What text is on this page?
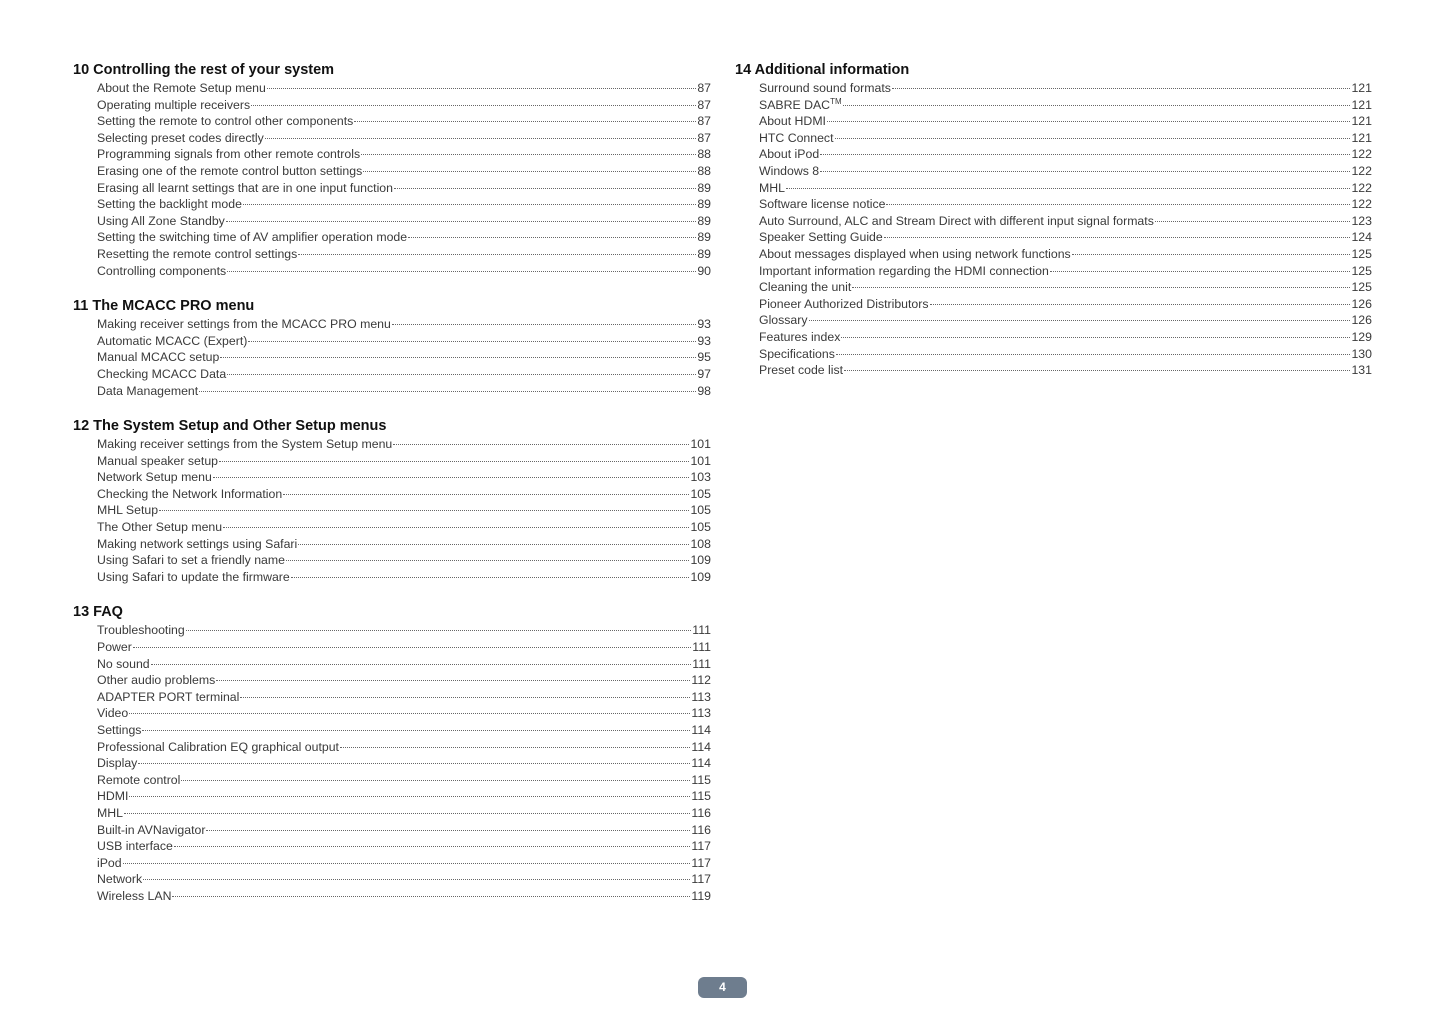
10 Controlling the rest of your system
About the Remote Setup menu	87
Operating multiple receivers	87
Setting the remote to control other components	87
Selecting preset codes directly	87
Programming signals from other remote controls	88
Erasing one of the remote control button settings	88
Erasing all learnt settings that are in one input function	89
Setting the backlight mode	89
Using All Zone Standby	89
Setting the switching time of AV amplifier operation mode	89
Resetting the remote control settings	89
Controlling components	90
11 The MCACC PRO menu
Making receiver settings from the MCACC PRO menu	93
Automatic MCACC (Expert)	93
Manual MCACC setup	95
Checking MCACC Data	97
Data Management	98
12 The System Setup and Other Setup menus
Making receiver settings from the System Setup menu	101
Manual speaker setup	101
Network Setup menu	103
Checking the Network Information	105
MHL Setup	105
The Other Setup menu	105
Making network settings using Safari	108
Using Safari to set a friendly name	109
Using Safari to update the firmware	109
13 FAQ
Troubleshooting	111
Power	111
No sound	111
Other audio problems	112
ADAPTER PORT terminal	113
Video	113
Settings	114
Professional Calibration EQ graphical output	114
Display	114
Remote control	115
HDMI	115
MHL	116
Built-in AVNavigator	116
USB interface	117
iPod	117
Network	117
Wireless LAN	119
14 Additional information
Surround sound formats	121
SABRE DAC™	121
About HDMI	121
HTC Connect	121
About iPod	122
Windows 8	122
MHL	122
Software license notice	122
Auto Surround, ALC and Stream Direct with different input signal formats	123
Speaker Setting Guide	124
About messages displayed when using network functions	125
Important information regarding the HDMI connection	125
Cleaning the unit	125
Pioneer Authorized Distributors	126
Glossary	126
Features index	129
Specifications	130
Preset code list	131
4
